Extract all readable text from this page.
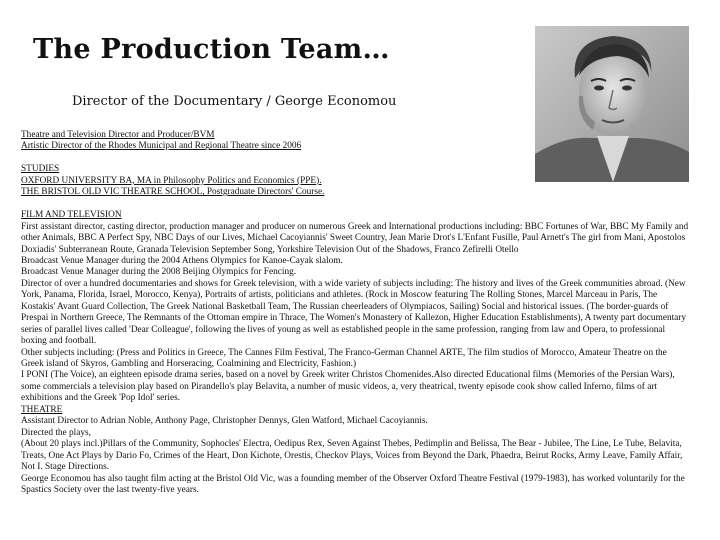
The Production Team…
Director of the Documentary / George Economou

Theatre and Television Director and Producer/BVM

Artistic Director of the Rhodes Municipal and Regional Theatre since 2006

STUDIES

OXFORD UNIVERSITY BA, MA in Philosophy Politics and Economics (PPE).

THE BRISTOL OLD VIC THEATRE SCHOOL, Postgraduate Directors' Course.

FILM AND TELEVISION

First assistant director, casting director, production manager and producer on numerous Greek and International productions including: BBC Fortunes of War, BBC My Family and other Animals, BBC A Perfect Spy, NBC Days of our Lives, Michael Cacoyiannis' Sweet Country, Jean Marie Drot's L'Enfant Fusille, Paul Arnett's The girl from Mani, Apostolos Doxiadis' Subterranean Route, Granada Television September Song, Yorkshire Television Out of the Shadows, Franco Zefirelli Otello

Broadcast Venue Manager during the 2004 Athens Olympics for Kanoe-Cayak slalom.

Broadcast Venue Manager during the 2008 Beijing Olympics for Fencing.

Director of over a hundred documentaries and shows for Greek television, with a wide variety of subjects including: The history and lives of the Greek communities abroad. (New York, Panama, Florida, Israel, Morocco, Kenya), Portraits of artists, politicians and athletes. (Rock in Moscow featuring The Rolling Stones, Marcel Marceau in Paris, The Kostakis' Avant Guard Collection, The Greek National Basketball Team, The Russian cheerleaders of Olympiacos, Sailing) Social and historical issues. (The border-guards of Prespai in Northern Greece, The Remnants of the Ottoman empire in Thrace, The Women's Monastery of Kallezon, Higher Education Establishments), A twenty part documentary series of parallel lives called 'Dear Colleague', following the lives of young as well as established people in the same profession, ranging from law and Opera, to professional boxing and football.

Other subjects including: (Press and Politics in Greece, The Cannes Film Festival, The Franco-German Channel ARTE, The film studios of Morocco, Amateur Theatre on the Greek island of Skyros, Gambling and Horseracing, Coalmining and Electricity, Fashion.)

I PONI (The Voice), an eighteen episode drama series, based on a novel by Greek writer Christos Chomenides.Also directed Educational films (Memories of the Persian Wars), some commercials a television play based on Pirandello's play Belavita, a number of music videos, a, very theatrical, twenty episode cook show called Inferno, films of art exhibitions and the Greek 'Pop Idol' series.

THEATRE

Assistant Director to Adrian Noble, Anthony Page, Christopher Dennys, Glen Watford, Michael Cacoyiannis.

Directed the plays,

(About 20 plays incl.)Pillars of the Community, Sophocles' Electra, Oedipus Rex, Seven Against Thebes, Pedimplin and Belissa, The Bear - Jubilee, The Line, Le Tube, Belavita, Treats, One Act Plays by Dario Fo, Crimes of the Heart, Don Kichote, Orestis, Checkov Plays, Voices from Beyond the Dark, Phaedra, Beirut Rocks, Army Leave, Family Affair, Not I. Stage Directions.

George Economou has also taught film acting at the Bristol Old Vic, was a founding member of the Observer Oxford Theatre Festival (1979-1983), has worked voluntarily for the Spastics Society over the last twenty-five years.
